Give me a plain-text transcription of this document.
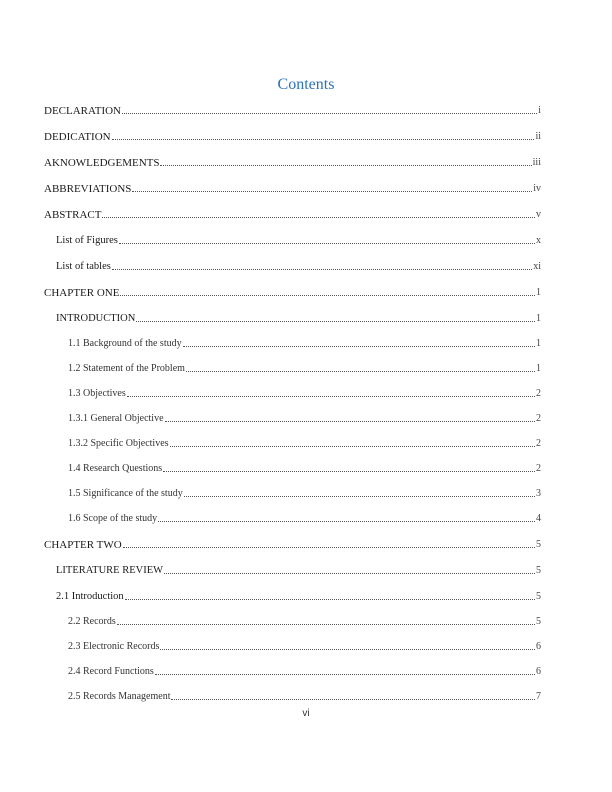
Contents
DECLARATION	i
DEDICATION	ii
AKNOWLEDGEMENTS	iii
ABBREVIATIONS	iv
ABSTRACT	v
List of Figures	x
List of tables	xi
CHAPTER ONE	1
INTRODUCTION	1
1.1 Background of the study	1
1.2 Statement of the Problem	1
1.3 Objectives	2
1.3.1 General Objective	2
1.3.2 Specific Objectives	2
1.4 Research Questions	2
1.5 Significance of the study	3
1.6 Scope of the study	4
CHAPTER TWO	5
LITERATURE REVIEW	5
2.1 Introduction	5
2.2 Records	5
2.3 Electronic Records	6
2.4 Record Functions	6
2.5 Records Management	7
vi
